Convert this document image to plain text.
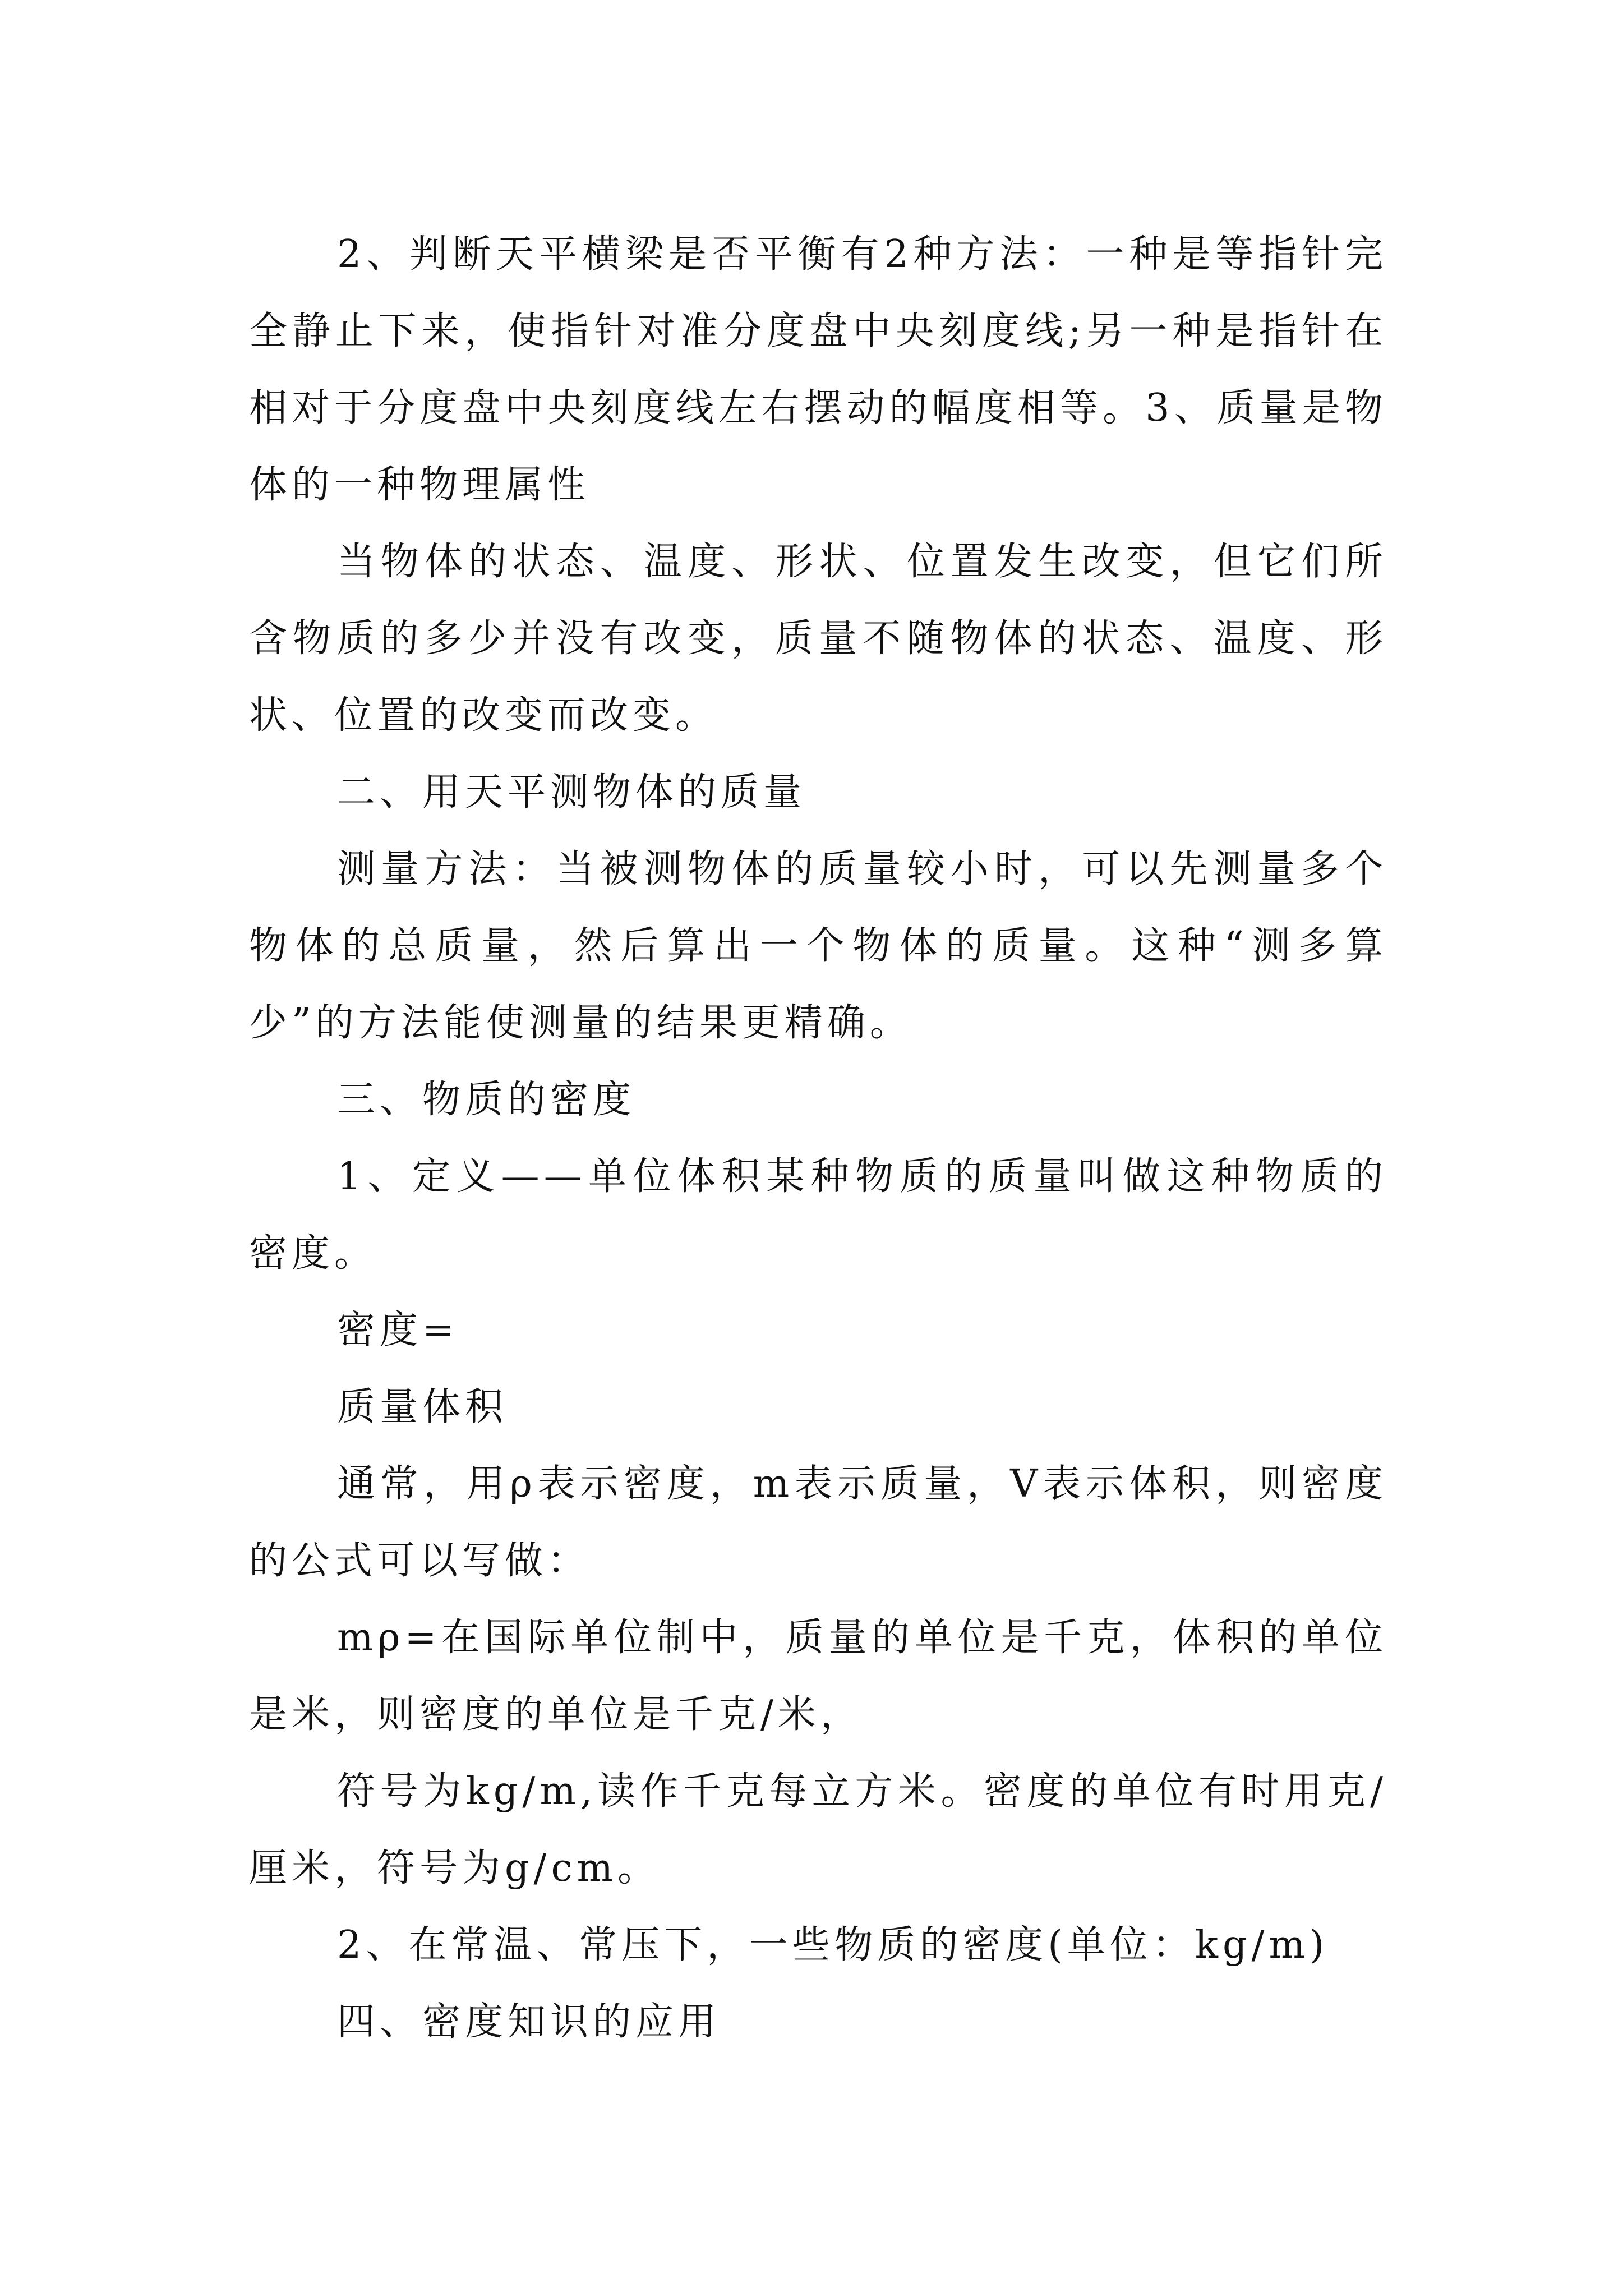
2、判断天平横梁是否平衡有2种方法：一种是等指针完全静止下来，使指针对准分度盘中央刻度线;另一种是指针在相对于分度盘中央刻度线左右摆动的幅度相等。3、质量是物体的一种物理属性

当物体的状态、温度、形状、位置发生改变，但它们所含物质的多少并没有改变，质量不随物体的状态、温度、形状、位置的改变而改变。

二、用天平测物体的质量

测量方法：当被测物体的质量较小时，可以先测量多个物体的总质量，然后算出一个物体的质量。这种“测多算少”的方法能使测量的结果更精确。

三、物质的密度

1、定义——单位体积某种物质的质量叫做这种物质的密度。

密度=

质量体积

通常，用ρ表示密度，m表示质量，V表示体积，则密度的公式可以写做：

mρ=在国际单位制中，质量的单位是千克，体积的单位是米，则密度的单位是千克/米，

符号为kg/m,读作千克每立方米。密度的单位有时用克/厘米，符号为g/cm。

2、在常温、常压下，一些物质的密度(单位：kg/m)

四、密度知识的应用
